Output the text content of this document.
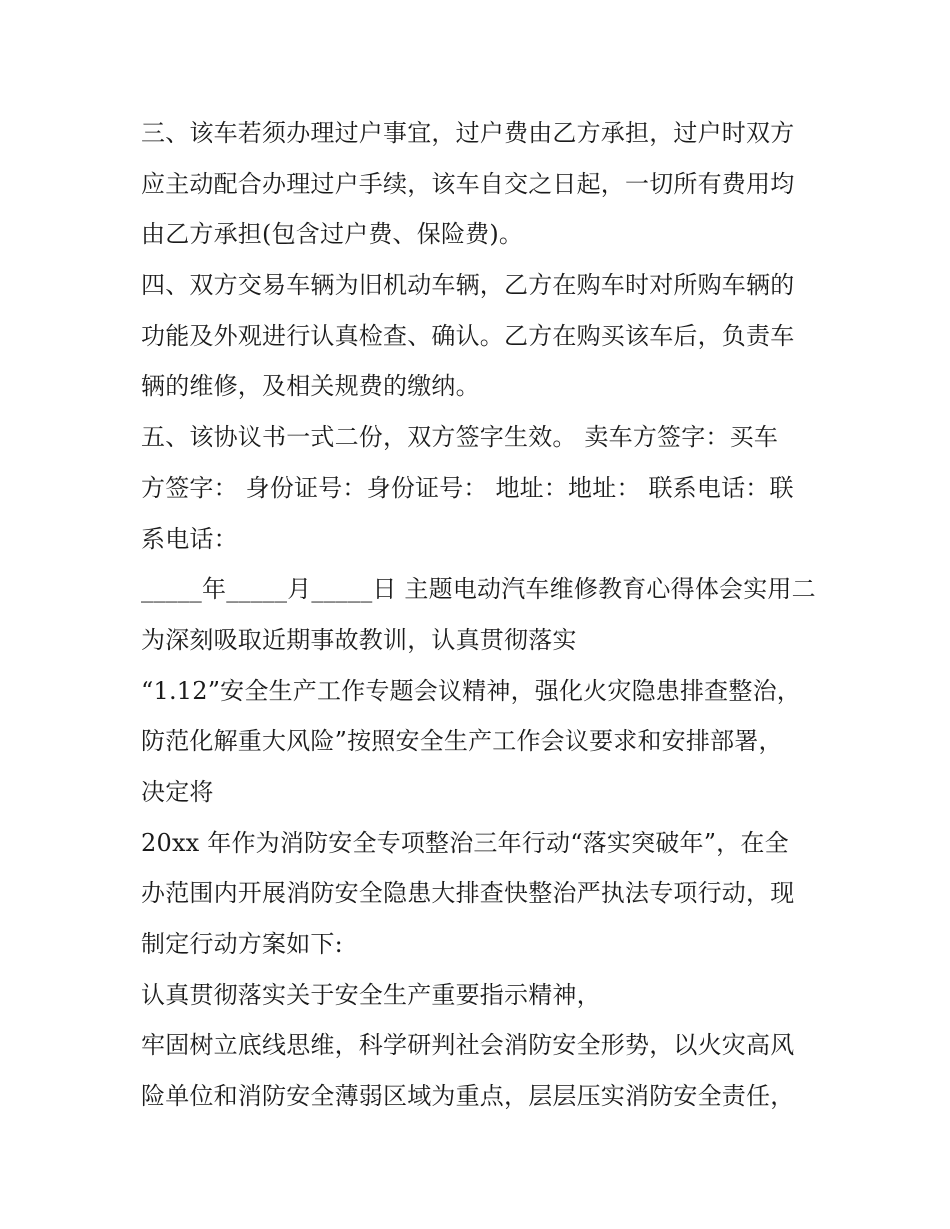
三、该车若须办理过户事宜，过户费由乙方承担，过户时双方
应主动配合办理过户手续，该车自交之日起，一切所有费用均
由乙方承担(包含过户费、保险费)。
四、双方交易车辆为旧机动车辆，乙方在购车时对所购车辆的
功能及外观进行认真检查、确认。乙方在购买该车后，负责车
辆的维修，及相关规费的缴纳。
五、该协议书一式二份，双方签字生效。 卖车方签字：买车
方签字： 身份证号：身份证号： 地址：地址： 联系电话：联
系电话：
_____年_____月_____日 主题电动汽车维修教育心得体会实用二
为深刻吸取近期事故教训，认真贯彻落实
“1.12”安全生产工作专题会议精神，强化火灾隐患排查整治，
防范化解重大风险”按照安全生产工作会议要求和安排部署，
决定将
20xx 年作为消防安全专项整治三年行动“落实突破年”，在全
办范围内开展消防安全隐患大排查快整治严执法专项行动，现
制定行动方案如下:
认真贯彻落实关于安全生产重要指示精神，
牢固树立底线思维，科学研判社会消防安全形势，以火灾高风
险单位和消防安全薄弱区域为重点，层层压实消防安全责任，
